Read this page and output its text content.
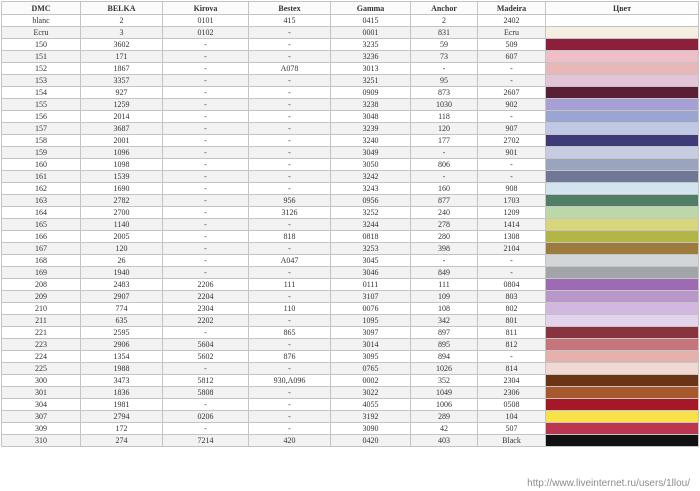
DMC	BELKA	Kirova	Bestex	Gamma	Anchor	Madeira	Цвет
blanc	2	0101	415	0415	2	2402	
Ecru	3	0102	-	0001	831	Ecru	
150	3602	-	-	3235	59	509	
151	171	-	-	3236	73	607	
152	1867	-	A078	3013	-	-	
153	3357	-	-	3251	95	-	
154	927	-	-	0909	873	2607	
155	1259	-	-	3238	1030	902	
156	2014	-	-	3048	118	-	
157	3687	-	-	3239	120	907	
158	2001	-	-	3240	177	2702	
159	1096	-	-	3049	-	901	
160	1098	-	-	3050	806	-	
161	1539	-	-	3242	-	-	
162	1690	-	-	3243	160	908	
163	2782	-	956	0956	877	1703	
164	2700	-	3126	3252	240	1209	
165	1140	-	-	3244	278	1414	
166	2005	-	818	0818	280	1308	
167	120	-	-	3253	398	2104	
168	26	-	A047	3045	-	-	
169	1940	-	-	3046	849	-	
208	2483	2206	111	0111	111	0804	
209	2907	2204	-	3107	109	803	
210	774	2304	110	0076	108	802	
211	635	2202	-	1095	342	801	
221	2595	-	865	3097	897	811	
223	2906	5604	-	3014	895	812	
224	1354	5602	876	3095	894	-	
225	1988	-	-	0765	1026	814	
300	3473	5812	930,A096	0002	352	2304	
301	1836	5808	-	3022	1049	2306	
304	1981	-	-	4055	1006	0508	
307	2794	0206	-	3192	289	104	
309	172	-	-	3090	42	507	
310	274	7214	420	0420	403	Black	
http://www.liveinternet.ru/users/1llou/
